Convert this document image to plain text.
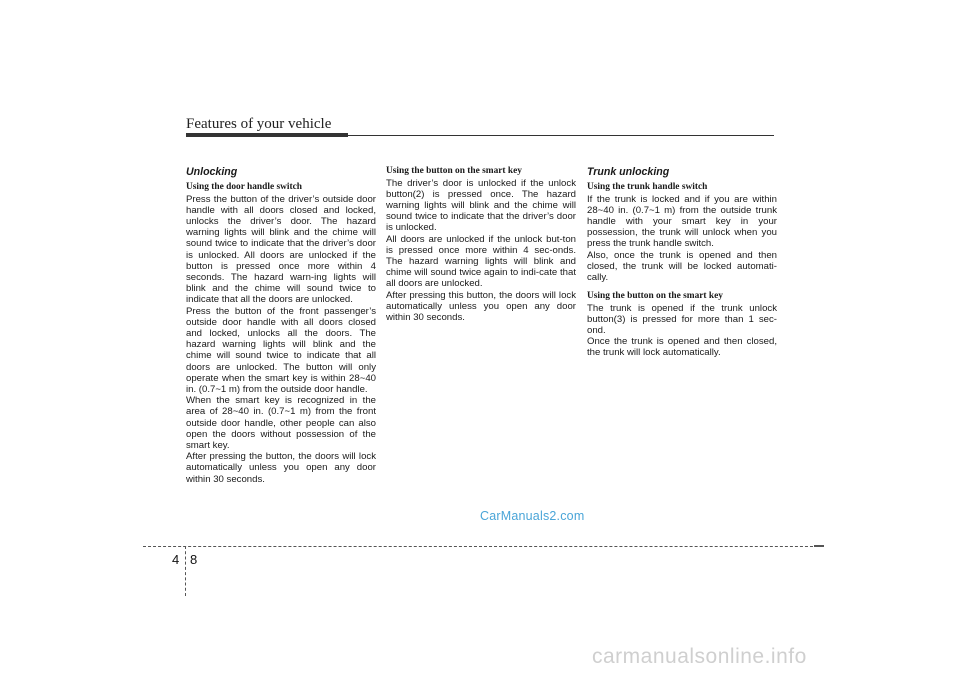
Features of your vehicle
Unlocking
Using the door handle switch

Press the button of the driver’s outside door handle with all doors closed and locked, unlocks the driver’s door. The hazard warning lights will blink and the chime will sound twice to indicate that the driver’s door is unlocked. All doors are unlocked if the button is pressed once more within 4 seconds. The hazard warn-ing lights will blink and the chime will sound twice to indicate that all the doors are unlocked.

Press the button of the front passenger’s outside door handle with all doors closed and locked, unlocks all the doors. The hazard warning lights will blink and the chime will sound twice to indicate that all doors are unlocked. The button will only operate when the smart key is within 28~40 in. (0.7~1 m) from the outside door handle.

When the smart key is recognized in the area of 28~40 in. (0.7~1 m) from the front outside door handle, other people can also open the doors without possession of the smart key.

After pressing the button, the doors will lock automatically unless you open any door within 30 seconds.

Using the button on the smart key

The driver’s door is unlocked if the unlock button(2) is pressed once. The hazard warning lights will blink and the chime will sound twice to indicate that the driver’s door is unlocked.

All doors are unlocked if the unlock but-ton is pressed once more within 4 sec-onds. The hazard warning lights will blink and chime will sound twice again to indi-cate that all doors are unlocked.

After pressing this button, the doors will lock automatically unless you open any door within 30 seconds.

Trunk unlocking
Using the trunk handle switch

If the trunk is locked and if you are within 28~40 in. (0.7~1 m) from the outside trunk handle with your smart key in your possession, the trunk will unlock when you press the trunk handle switch.

Also, once the trunk is opened and then closed, the trunk will be locked automati-cally.

Using the button on the smart key

The trunk is opened if the trunk unlock button(3) is pressed for more than 1 sec-ond.

Once the trunk is opened and then closed, the trunk will lock automatically.

CarManuals2.com
4 8
carmanualsonline.info
